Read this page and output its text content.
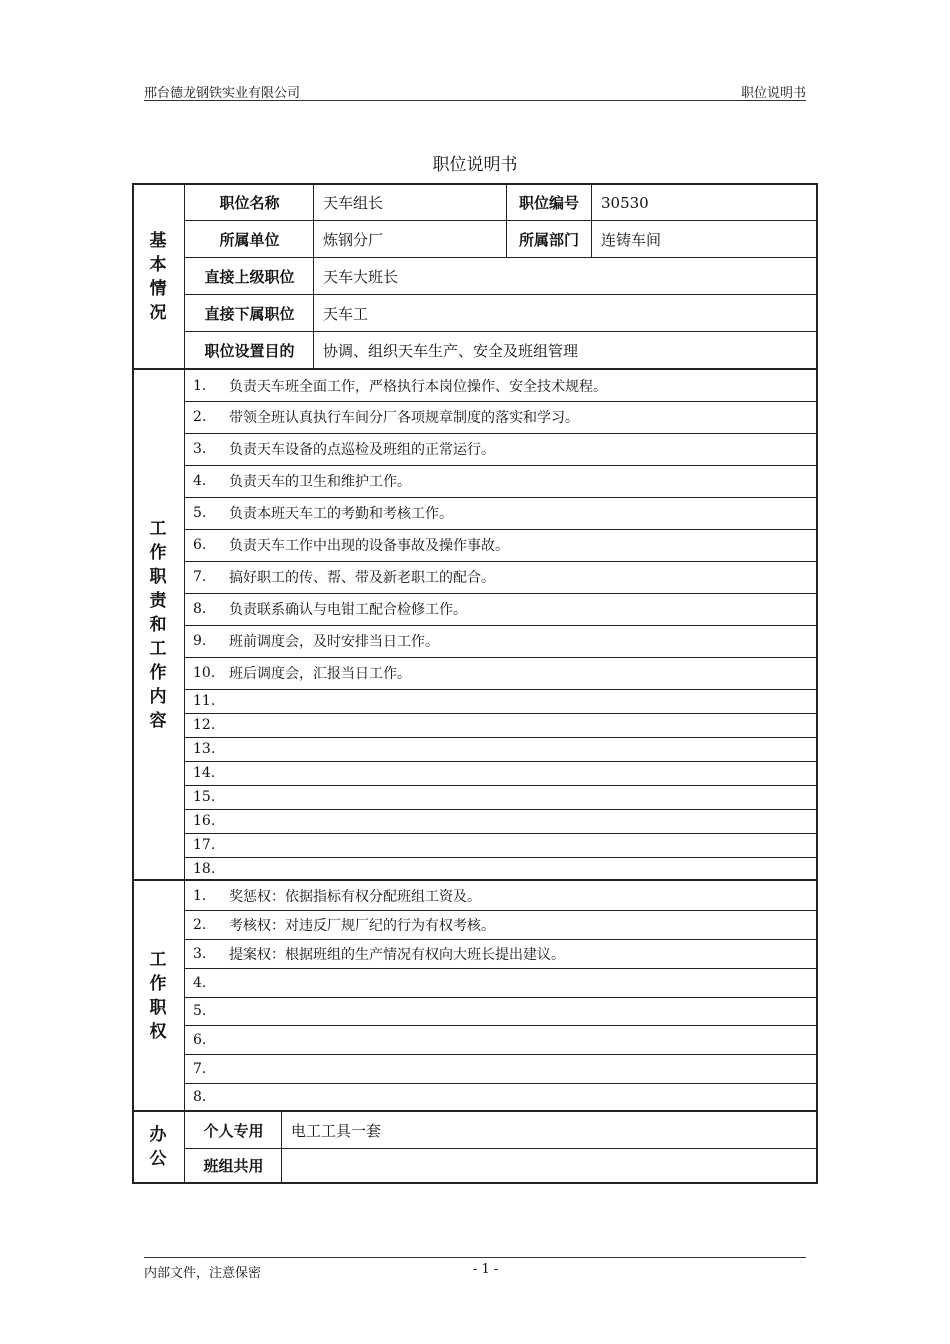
邢台德龙钢铁实业有限公司	职位说明书
职位说明书
基本情况
职位名称	天车组长	职位编号	30530
所属单位	炼钢分厂	所属部门	连铸车间
直接上级职位	天车大班长
直接下属职位	天车工
职位设置目的	协调、组织天车生产、安全及班组管理
工作职责和工作内容
1.	负责天车班全面工作，严格执行本岗位操作、安全技术规程。
2.	带领全班认真执行车间分厂各项规章制度的落实和学习。
3.	负责天车设备的点巡检及班组的正常运行。
4.	负责天车的卫生和维护工作。
5.	负责本班天车工的考勤和考核工作。
6.	负责天车工作中出现的设备事故及操作事故。
7.	搞好职工的传、帮、带及新老职工的配合。
8.	负责联系确认与电钳工配合检修工作。
9.	班前调度会，及时安排当日工作。
10. 班后调度会，汇报当日工作。
11.
12.
13.
14.
15.
16.
17.
18.
工作职权
1.	奖惩权：依据指标有权分配班组工资及。
2.	考核权：对违反厂规厂纪的行为有权考核。
3.	提案权：根据班组的生产情况有权向大班长提出建议。
4.
5.
6.
7.
8.
办公
个人专用	电工工具一套
班组共用
内部文件，注意保密	- 1 -
